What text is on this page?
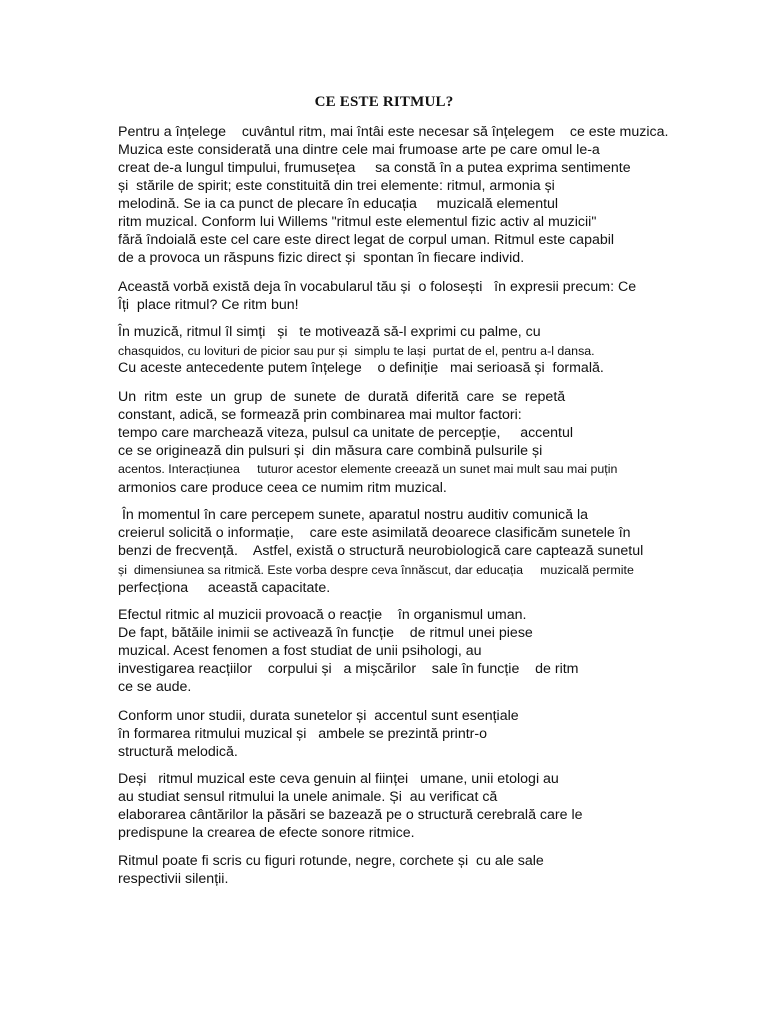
CE ESTE RITMUL?
Pentru a înțelege    cuvântul ritm, mai întâi este necesar să înțelegem    ce este muzica.
Muzica este considerată una dintre cele mai frumoase arte pe care omul le-a
creat de-a lungul timpului, frumusețea     sa constă în a putea exprima sentimente
și  stările de spirit; este constituită din trei elemente: ritmul, armonia și
melodină. Se ia ca punct de plecare în educația     muzicală elementul
ritm muzical. Conform lui Willems "ritmul este elementul fizic activ al muzicii"
fără îndoială este cel care este direct legat de corpul uman. Ritmul este capabil
de a provoca un răspuns fizic direct și  spontan în fiecare individ.
Această vorbă există deja în vocabularul tău și  o folosești   în expresii precum: Ce
Îți  place ritmul? Ce ritm bun!
În muzică, ritmul îl simți   și   te motivează să-l exprimi cu palme, cu
chasquidos, cu lovituri de picior sau pur și  simplu te lași  purtat de el, pentru a-l dansa.
Cu aceste antecedente putem înțelege    o definiție   mai serioasă și  formală.
Un  ritm  este  un  grup  de  sunete  de  durată  diferită  care  se  repetă
constant, adică, se formează prin combinarea mai multor factori:
tempo care marchează viteza, pulsul ca unitate de percepție,     accentul
ce se originează din pulsuri și  din măsura care combină pulsurile și
acentos. Interacțiunea     tuturor acestor elemente creează un sunet mai mult sau mai puțin
armonios care produce ceea ce numim ritm muzical.
În momentul în care percepem sunete, aparatul nostru auditiv comunică la
creierul solicită o informație,    care este asimilată deoarece clasificăm sunetele în
benzi de frecvență.    Astfel, există o structură neurobiologică care captează sunetul
și  dimensiunea sa ritmică. Este vorba despre ceva înnăscut, dar educația     muzicală permite
perfecționa     această capacitate.
Efectul ritmic al muzicii provoacă o reacție    în organismul uman.
De fapt, bătăile inimii se activează în funcție    de ritmul unei piese
muzical. Acest fenomen a fost studiat de unii psihologi, au
investigarea reacțiilor    corpului și   a mișcărilor    sale în funcție    de ritm
ce se aude.
Conform unor studii, durata sunetelor și  accentul sunt esențiale
în formarea ritmului muzical și   ambele se prezintă printr-o
structură melodică.
Deși   ritmul muzical este ceva genuin al ființei   umane, unii etologi au
au studiat sensul ritmului la unele animale. Și  au verificat că
elaborarea cântărilor la păsări se bazează pe o structură cerebrală care le
predispune la crearea de efecte sonore ritmice.
Ritmul poate fi scris cu figuri rotunde, negre, corchete și  cu ale sale
respectivii silenții.
